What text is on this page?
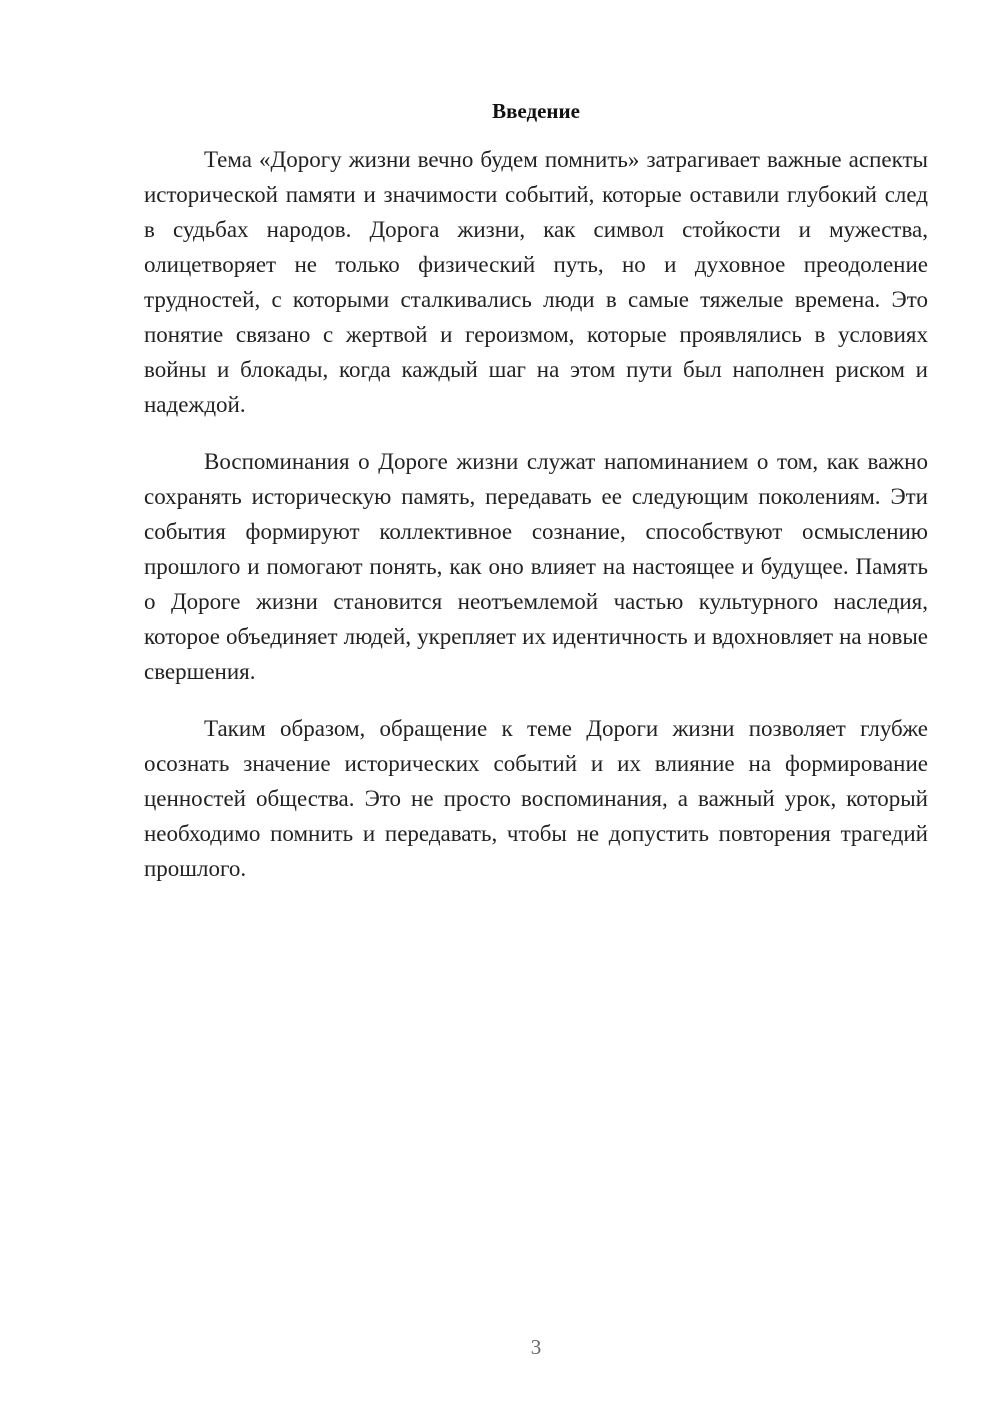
Введение

Тема «Дорогу жизни вечно будем помнить» затрагивает важные аспекты исторической памяти и значимости событий, которые оставили глубокий след в судьбах народов. Дорога жизни, как символ стойкости и мужества, олицетворяет не только физический путь, но и духовное преодоление трудностей, с которыми сталкивались люди в самые тяжелые времена. Это понятие связано с жертвой и героизмом, которые проявлялись в условиях войны и блокады, когда каждый шаг на этом пути был наполнен риском и надеждой.

Воспоминания о Дороге жизни служат напоминанием о том, как важно сохранять историческую память, передавать ее следующим поколениям. Эти события формируют коллективное сознание, способствуют осмыслению прошлого и помогают понять, как оно влияет на настоящее и будущее. Память о Дороге жизни становится неотъемлемой частью культурного наследия, которое объединяет людей, укрепляет их идентичность и вдохновляет на новые свершения.

Таким образом, обращение к теме Дороги жизни позволяет глубже осознать значение исторических событий и их влияние на формирование ценностей общества. Это не просто воспоминания, а важный урок, который необходимо помнить и передавать, чтобы не допустить повторения трагедий прошлого.

3
